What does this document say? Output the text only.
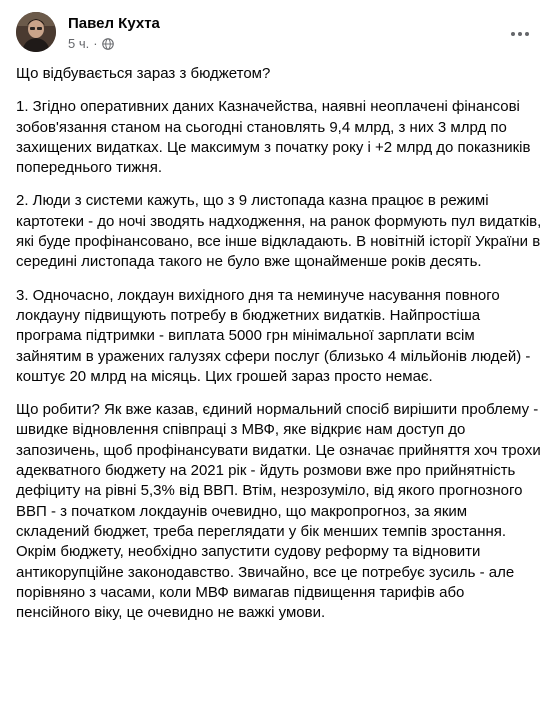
Павел Кухта
5 ч. ·

Що відбувається зараз з бюджетом?

1. Згідно оперативних даних Казначейства, наявні неоплачені фінансові зобов'язання станом на сьогодні становлять 9,4 млрд, з них 3 млрд по захищених видатках. Це максимум з початку року і +2 млрд до показників попереднього тижня.

2. Люди з системи кажуть, що з 9 листопада казна працює в режимі картотеки - до ночі зводять надходження, на ранок формують пул видатків, які буде профінансовано, все інше відкладають. В новітній історії України в середині листопада такого не було вже щонайменше років десять.

3. Одночасно, локдаун вихідного дня та неминуче насування повного локдауну підвищують потребу в бюджетних видатків. Найпростіша програма підтримки - виплата 5000 грн мінімальної зарплати всім зайнятим в уражених галузях сфери послуг (близько 4 мільйонів людей) - коштує 20 млрд на місяць. Цих грошей зараз просто немає.

Що робити? Як вже казав, єдиний нормальний спосіб вирішити проблему - швидке відновлення співпраці з МВФ, яке відкриє нам доступ до запозичень, щоб профінансувати видатки. Це означає прийняття хоч трохи адекватного бюджету на 2021 рік - йдуть розмови вже про прийнятність дефіциту на рівні 5,3% від ВВП. Втім, незрозуміло, від якого прогнозного ВВП - з початком локдаунів очевидно, що макропрогноз, за яким складений бюджет, треба переглядати у бік менших темпів зростання. Окрім бюджету, необхідно запустити судову реформу та відновити антикорупційне законодавство. Звичайно, все це потребує зусиль - але порівняно з часами, коли МВФ вимагав підвищення тарифів або пенсійного віку, це очевидно не важкі умови.
